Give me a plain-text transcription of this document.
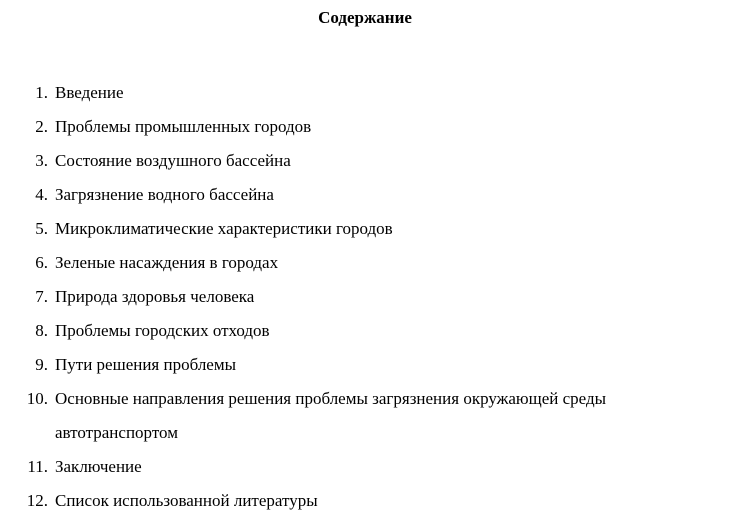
Содержание
1. Введение
2. Проблемы промышленных городов
3. Состояние воздушного бассейна
4. Загрязнение водного бассейна
5. Микроклиматические характеристики городов
6. Зеленые насаждения в городах
7. Природа здоровья человека
8. Проблемы городских отходов
9. Пути решения проблемы
10. Основные направления решения проблемы загрязнения окружающей среды автотранспортом
11. Заключение
12. Список использованной литературы
